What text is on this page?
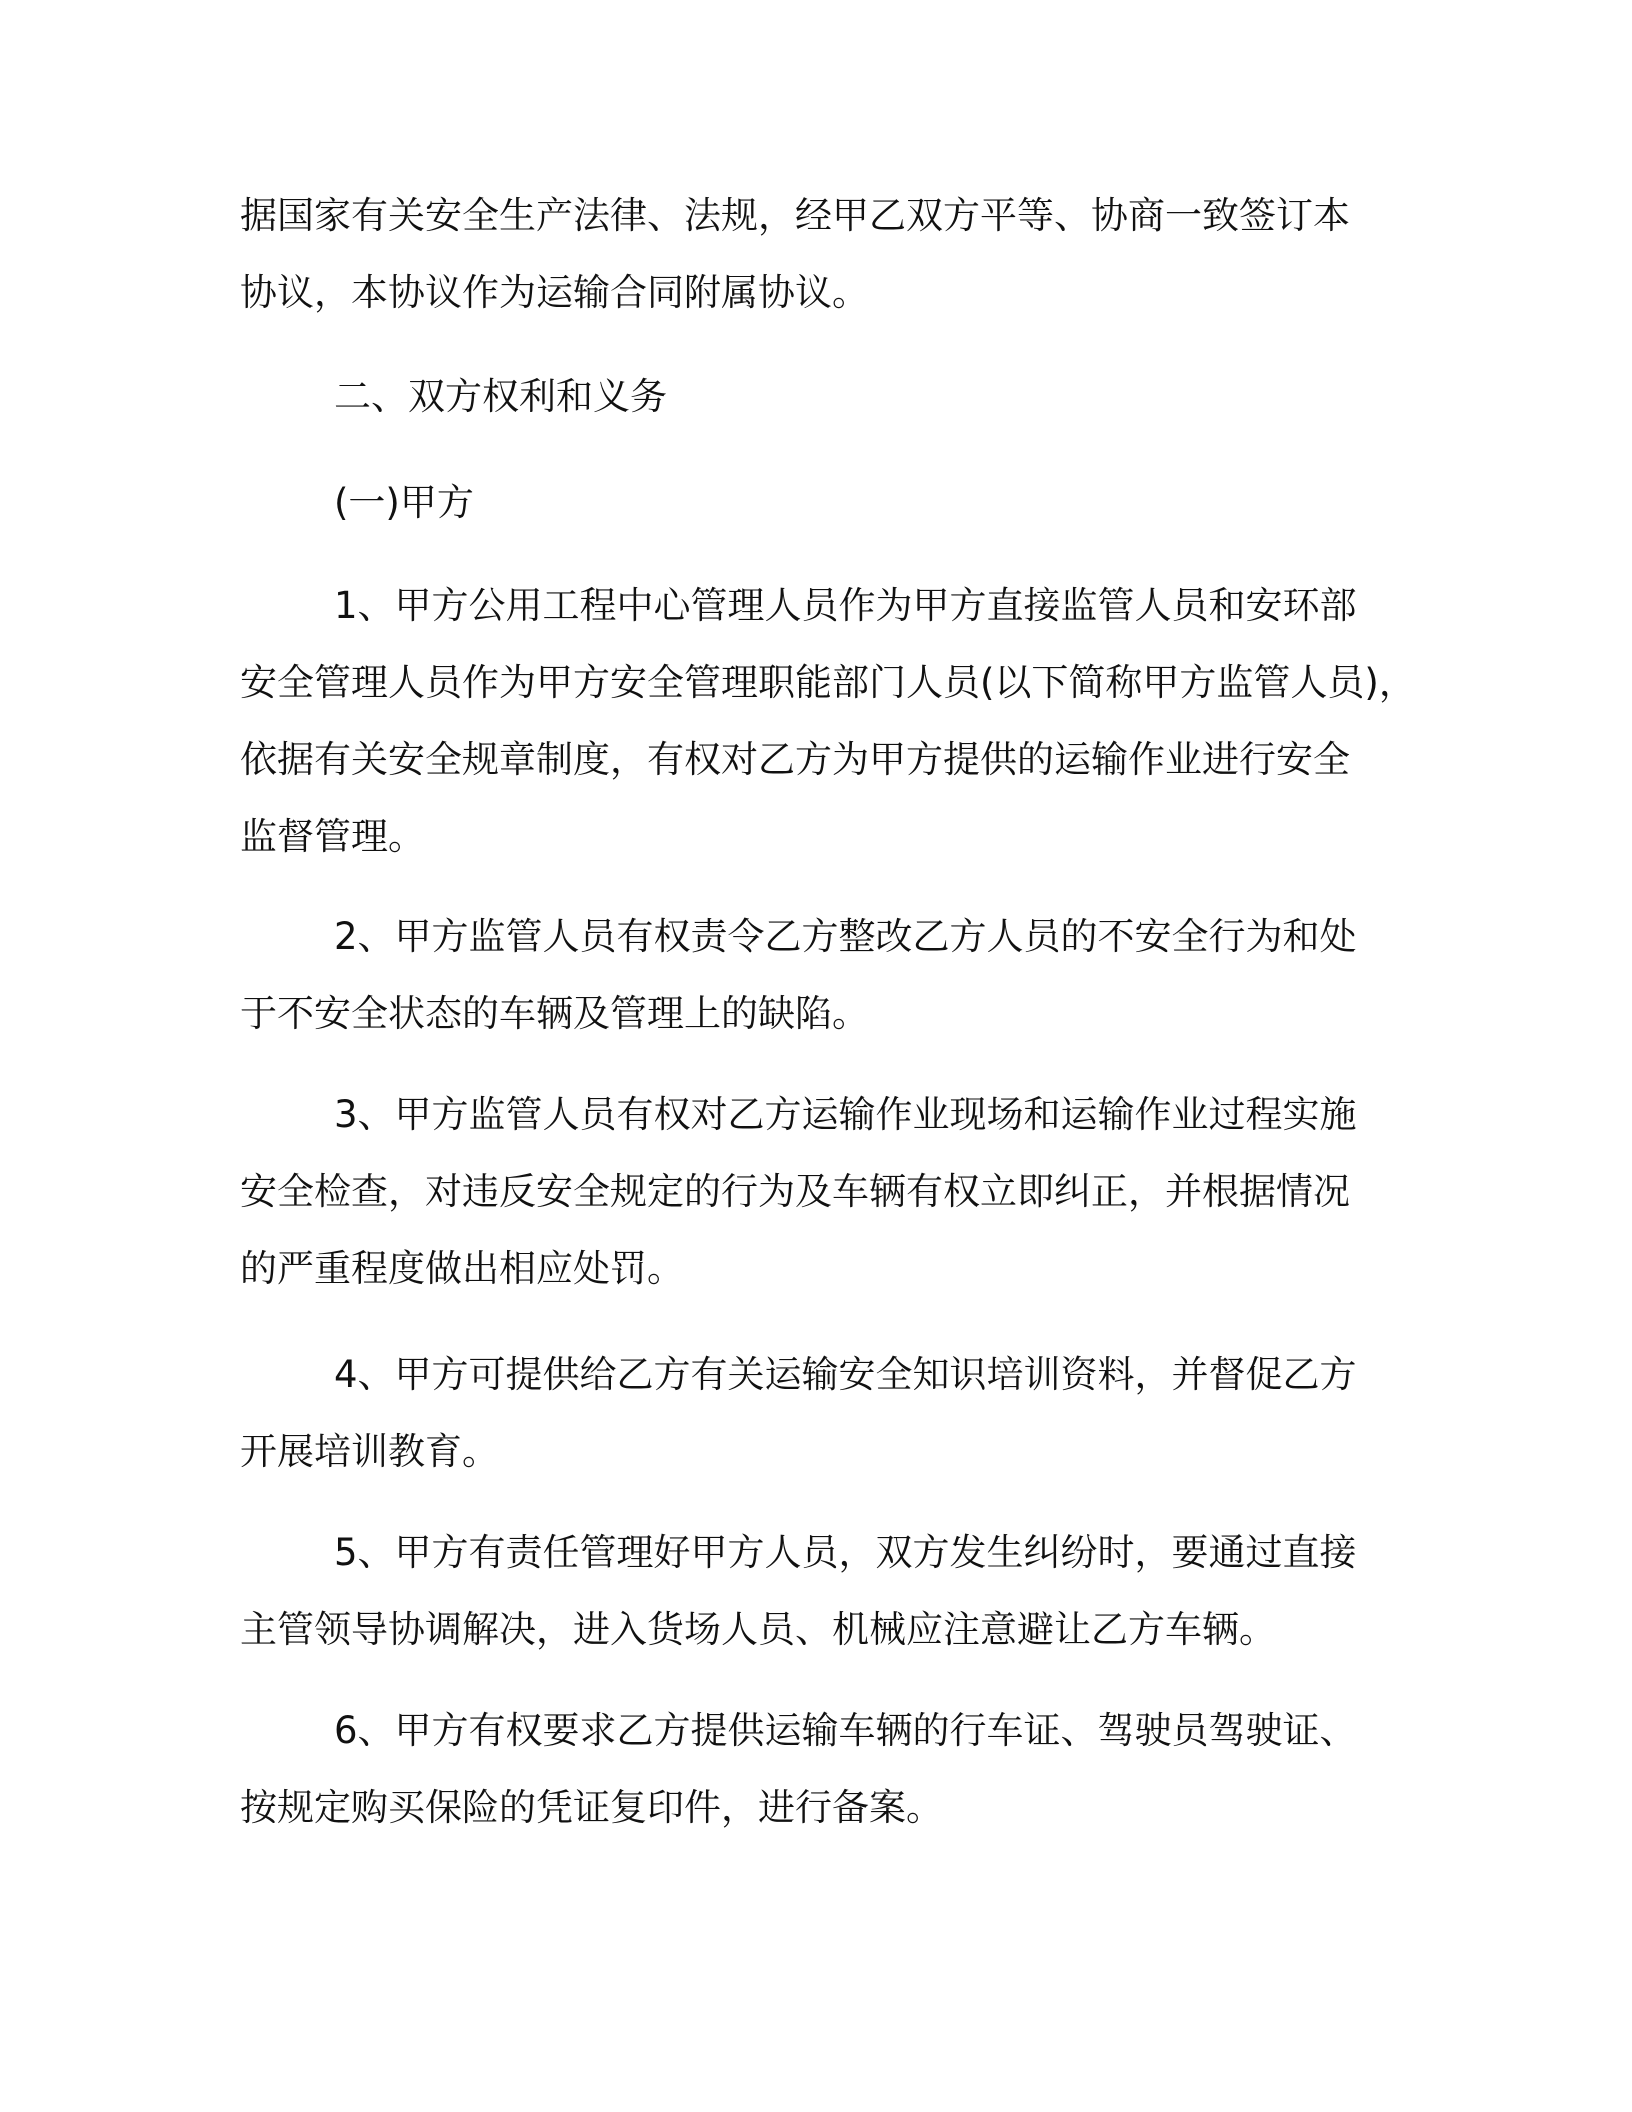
据国家有关安全生产法律、法规，经甲乙双方平等、协商一致签订本
协议，本协议作为运输合同附属协议。
二、双方权利和义务
(一)甲方
1、甲方公用工程中心管理人员作为甲方直接监管人员和安环部
安全管理人员作为甲方安全管理职能部门人员(以下简称甲方监管人员)，
依据有关安全规章制度，有权对乙方为甲方提供的运输作业进行安全
监督管理。
2、甲方监管人员有权责令乙方整改乙方人员的不安全行为和处
于不安全状态的车辆及管理上的缺陷。
3、甲方监管人员有权对乙方运输作业现场和运输作业过程实施
安全检查，对违反安全规定的行为及车辆有权立即纠正，并根据情况
的严重程度做出相应处罚。
4、甲方可提供给乙方有关运输安全知识培训资料，并督促乙方
开展培训教育。
5、甲方有责任管理好甲方人员，双方发生纠纷时，要通过直接
主管领导协调解决，进入货场人员、机械应注意避让乙方车辆。
6、甲方有权要求乙方提供运输车辆的行车证、驾驶员驾驶证、
按规定购买保险的凭证复印件，进行备案。
